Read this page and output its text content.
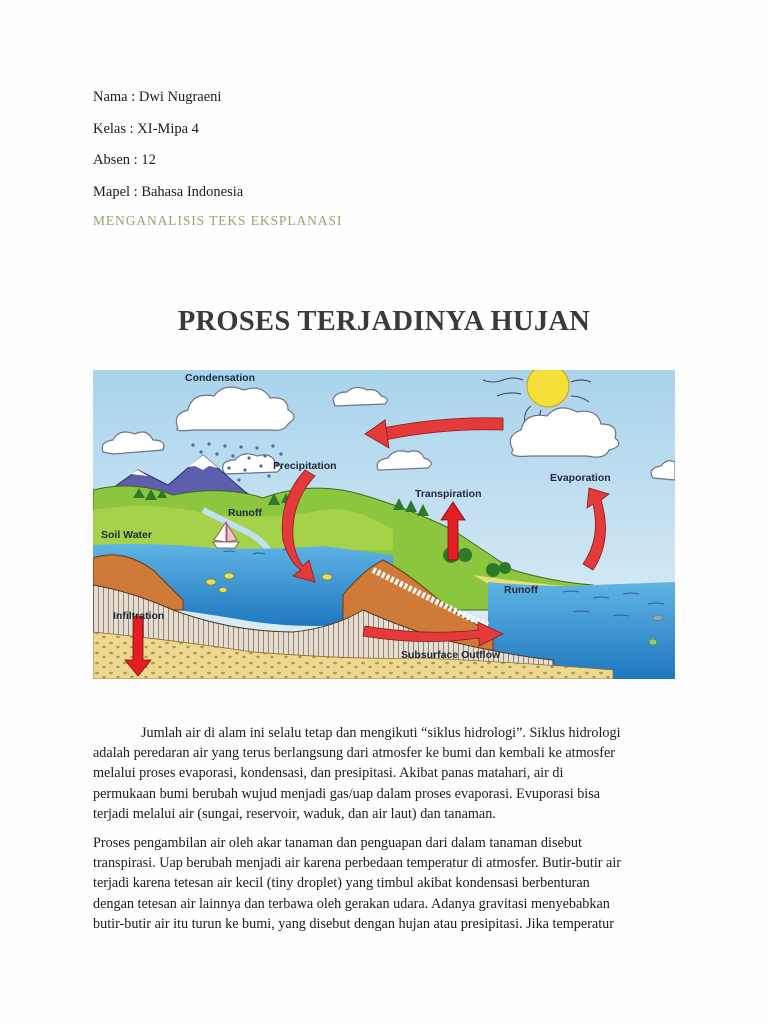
Nama : Dwi Nugraeni
Kelas : XI-Mipa 4
Absen : 12
Mapel : Bahasa Indonesia
MENGANALISIS TEKS EKSPLANASI
PROSES TERJADINYA HUJAN
Condensation
Precipitation
Transpiration
Evaporation
Runoff
Runoff
Soil Water
Infiltration
Subsurface Outflow
Jumlah air di alam ini selalu tetap dan mengikuti “siklus hidrologi”. Siklus hidrologi
adalah peredaran air yang terus berlangsung dari atmosfer ke bumi dan kembali ke atmosfer
melalui proses evaporasi, kondensasi, dan presipitasi. Akibat panas matahari, air di
permukaan bumi berubah wujud menjadi gas/uap dalam proses evaporasi. Evuporasi bisa
terjadi melalui air (sungai, reservoir, waduk, dan air laut) dan tanaman.
Proses pengambilan air oleh akar tanaman dan penguapan dari dalam tanaman disebut
transpirasi. Uap berubah menjadi air karena perbedaan temperatur di atmosfer. Butir-butir air
terjadi karena tetesan air kecil (tiny droplet) yang timbul akibat kondensasi berbenturan
dengan tetesan air lainnya dan terbawa oleh gerakan udara. Adanya gravitasi menyebabkan
butir-butir air itu turun ke bumi, yang disebut dengan hujan atau presipitasi. Jika temperatur
